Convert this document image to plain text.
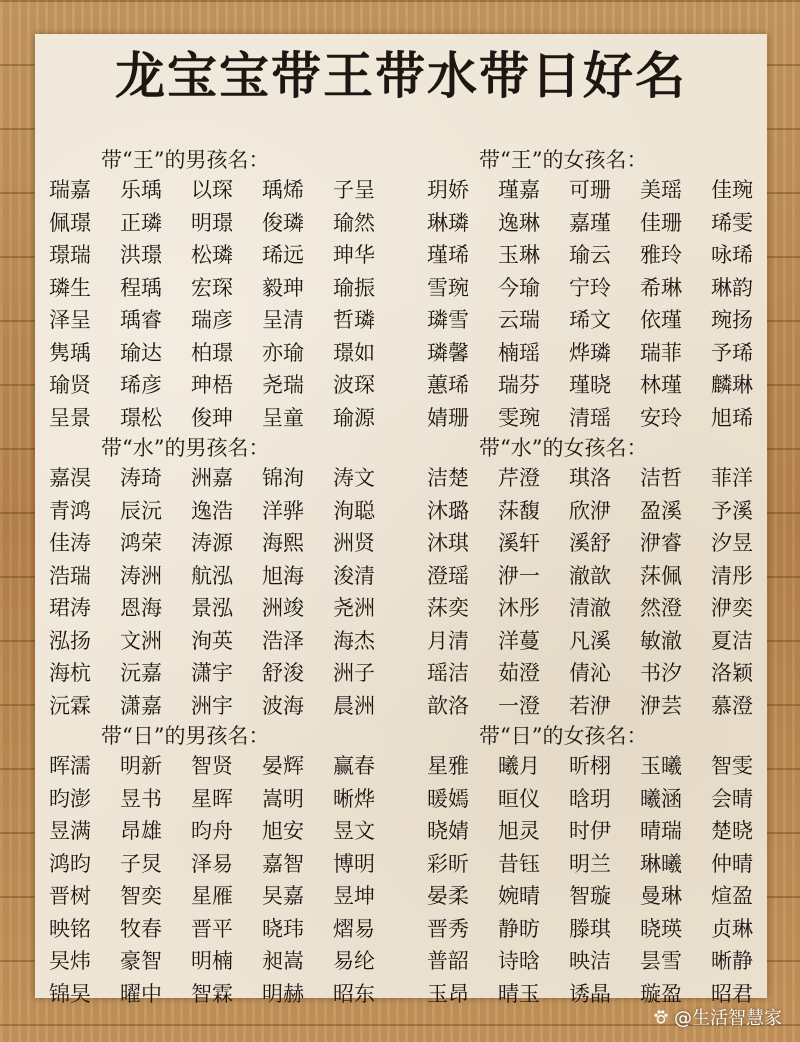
龙宝宝带王带水带日好名
带“王”的男孩名：
瑞嘉	乐瑀	以琛	瑀烯	子呈
佩璟	正璘	明璟	俊璘	瑜然
璟瑞	洪璟	松璘	琋远	珅华
璘生	程瑀	宏琛	毅珅	瑜振
泽呈	瑀睿	瑞彦	呈清	哲璘
隽瑀	瑜达	柏璟	亦瑜	璟如
瑜贤	琋彦	珅梧	尧瑞	波琛
呈景	璟松	俊珅	呈童	瑜源
带“水”的男孩名：
嘉淏	涛琦	洲嘉	锦洵	涛文
青鸿	辰沅	逸浩	洋骅	洵聪
佳涛	鸿荣	涛源	海熙	洲贤
浩瑞	涛洲	航泓	旭海	浚清
珺涛	恩海	景泓	洲竣	尧洲
泓扬	文洲	洵英	浩泽	海杰
海杭	沅嘉	潇宇	舒浚	洲子
沅霖	潇嘉	洲宇	波海	晨洲
带“日”的男孩名：
晖濡	明新	智贤	晏辉	赢春
昀澎	昱书	星晖	嵩明	晰烨
昱满	昂雄	昀舟	旭安	昱文
鸿昀	子炅	泽易	嘉智	博明
晋树	智奕	星雁	旲嘉	昱坤
映铭	牧春	晋平	晓玮	熠易
旲炜	豪智	明楠	昶嵩	易纶
锦旲	曜中	智霖	明赫	昭东
带“王”的女孩名：
玥娇	瑾嘉	可珊	美瑶	佳琬
琳璘	逸琳	嘉瑾	佳珊	琋雯
瑾琋	玉琳	瑜云	雅玲	咏琋
雪琬	今瑜	宁玲	希琳	琳韵
璘雪	云瑞	琋文	依瑾	琬扬
璘馨	楠瑶	烨璘	瑞菲	予琋
蕙琋	瑞芬	瑾晓	林瑾	麟琳
婧珊	雯琬	清瑶	安玲	旭琋
带“水”的女孩名：
洁楚	芹澄	琪洛	洁哲	菲洋
沐璐	莯馥	欣洢	盈溪	予溪
沐琪	溪轩	溪舒	洢睿	汐昱
澄瑶	洢一	澈歆	莯佩	清彤
莯奕	沐彤	清澈	然澄	洢奕
月清	洋蔓	凡溪	敏澈	夏洁
瑶洁	茹澄	倩沁	书汐	洛颖
歆洛	一澄	若洢	洢芸	慕澄
带“日”的女孩名：
星雅	曦月	昕栩	玉曦	智雯
暖嫣	晅仪	晗玥	曦涵	会晴
晓婧	旭灵	时伊	晴瑞	楚晓
彩昕	昔钰	明兰	琳曦	仲晴
晏柔	婉晴	智璇	曼琳	煊盈
晋秀	静昉	滕琪	晓瑛	贞琳
普韶	诗晗	映洁	昙雪	晰静
玉昂	晴玉	诱晶	璇盈	昭君
@生活智慧家
